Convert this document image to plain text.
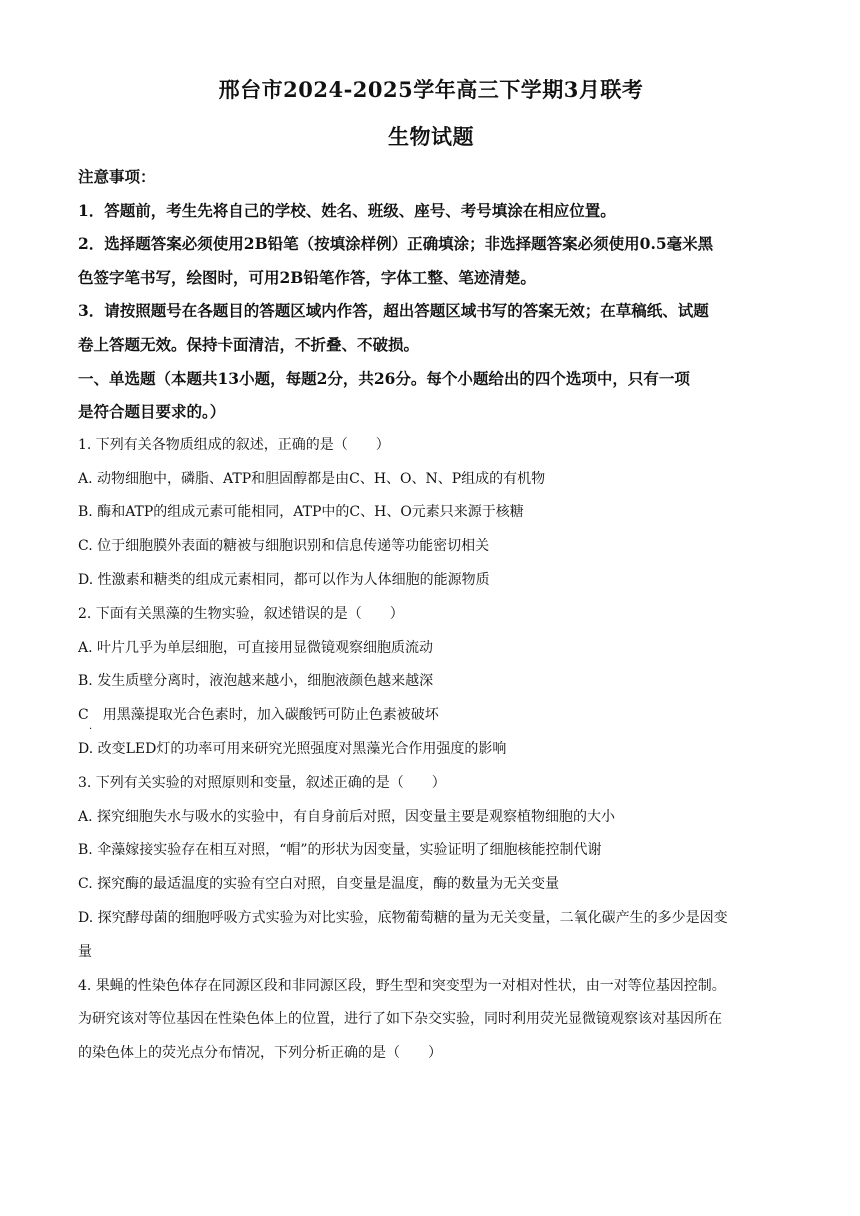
邢台市2024-2025学年高三下学期3月联考
生物试题
注意事项：
1．答题前，考生先将自己的学校、姓名、班级、座号、考号填涂在相应位置。
2．选择题答案必须使用2B铅笔（按填涂样例）正确填涂；非选择题答案必须使用0.5毫米黑
色签字笔书写，绘图时，可用2B铅笔作答，字体工整、笔迹清楚。
3．请按照题号在各题目的答题区域内作答，超出答题区域书写的答案无效；在草稿纸、试题
卷上答题无效。保持卡面清洁，不折叠、不破损。
一、单选题（本题共13小题，每题2分，共26分。每个小题给出的四个选项中，只有一项
是符合题目要求的。）
1. 下列有关各物质组成的叙述，正确的是（　　）
A. 动物细胞中，磷脂、ATP和胆固醇都是由C、H、O、N、P组成的有机物
B. 酶和ATP的组成元素可能相同，ATP中的C、H、O元素只来源于核糖
C. 位于细胞膜外表面的糖被与细胞识别和信息传递等功能密切相关
D. 性激素和糖类的组成元素相同，都可以作为人体细胞的能源物质
2. 下面有关黑藻的生物实验，叙述错误的是（　　）
A. 叶片几乎为单层细胞，可直接用显微镜观察细胞质流动
B. 发生质壁分离时，液泡越来越小，细胞液颜色越来越深
C　用黑藻提取光合色素时，加入碳酸钙可防止色素被破坏
·
D. 改变LED灯的功率可用来研究光照强度对黑藻光合作用强度的影响
3. 下列有关实验的对照原则和变量，叙述正确的是（　　）
A. 探究细胞失水与吸水的实验中，有自身前后对照，因变量主要是观察植物细胞的大小
B. 伞藻嫁接实验存在相互对照，“帽”的形状为因变量，实验证明了细胞核能控制代谢
C. 探究酶的最适温度的实验有空白对照，自变量是温度，酶的数量为无关变量
D. 探究酵母菌的细胞呼吸方式实验为对比实验，底物葡萄糖的量为无关变量，二氧化碳产生的多少是因变
量
4. 果蝇的性染色体存在同源区段和非同源区段，野生型和突变型为一对相对性状，由一对等位基因控制。
为研究该对等位基因在性染色体上的位置，进行了如下杂交实验，同时利用荧光显微镜观察该对基因所在
的染色体上的荧光点分布情况，下列分析正确的是（　　）
